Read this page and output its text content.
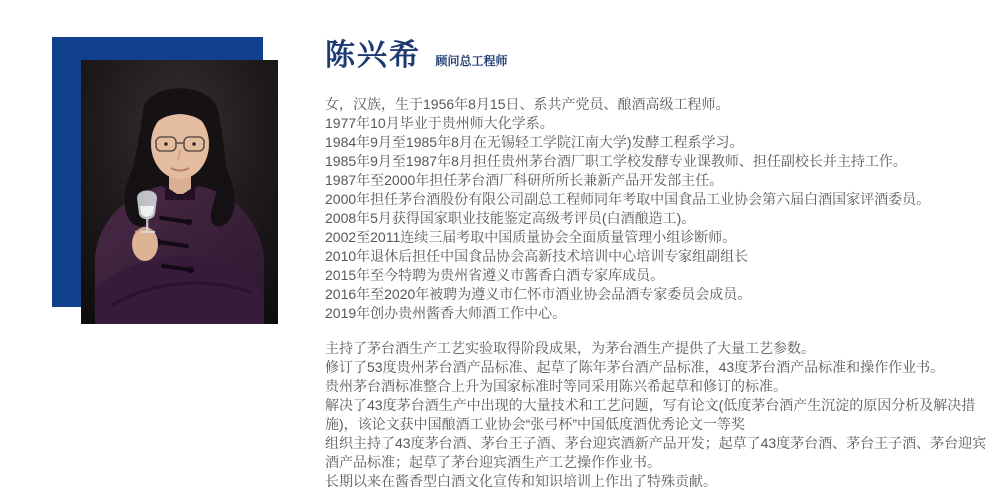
陈兴希 顾问总工程师

女，汉族，生于1956年8月15日、系共产党员、酿酒高级工程师。

1977年10月毕业于贵州师大化学系。

1984年9月至1985年8月在无锡轻工学院江南大学)发酵工程系学习。

1985年9月至1987年8月担任贵州茅台酒厂职工学校发酵专业课教师、担任副校长并主持工作。

1987年至2000年担任茅台酒厂科研所所长兼新产品开发部主任。

2000年担任茅台酒股份有限公司副总工程师同年考取中国食品工业协会第六届白酒国家评酒委员。

2008年5月获得国家职业技能鉴定高级考评员(白酒酿造工)。

2002至2011连续三届考取中国质量协会全面质量管理小组诊断师。

2010年退休后担任中国食品协会高新技术培训中心培训专家组副组长

2015年至今特聘为贵州省遵义市酱香白酒专家库成员。

2016年至2020年被聘为遵义市仁怀市酒业协会品酒专家委员会成员。

2019年创办贵州酱香大师酒工作中心。

主持了茅台酒生产工艺实验取得阶段成果，为茅台酒生产提供了大量工艺参数。

修订了53度贵州茅台酒产品标准、起草了陈年茅台酒产品标准，43度茅台酒产品标准和操作作业书。

贵州茅台酒标准整合上升为国家标准时等同采用陈兴希起草和修订的标准。

解决了43度茅台酒生产中出现的大量技术和工艺问题，写有论文(低度茅台酒产生沉淀的原因分析及解决措施)，该论文获中国酿酒工业协会“张弓杯”中国低度酒优秀论文一等奖

组织主持了43度茅台酒、茅台王子酒、茅台迎宾酒新产品开发；起草了43度茅台酒、茅台王子酒、茅台迎宾酒产品标准；起草了茅台迎宾酒生产工艺操作作业书。

长期以来在酱香型白酒文化宣传和知识培训上作出了特殊贡献。
